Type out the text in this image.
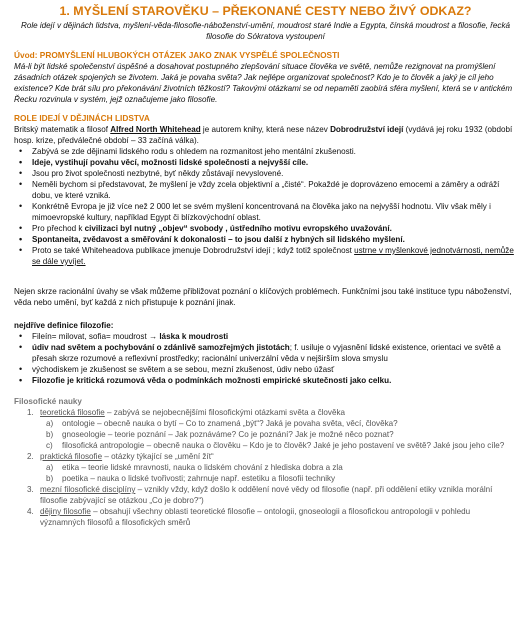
1. MYŠLENÍ STAROVĚKU – PŘEKONANÉ CESTY NEBO ŽIVÝ ODKAZ?

Role idejí v dějinách lidstva, myšlení-věda-filosofie-náboženství-umění, moudrost staré Indie a Egypta, čínská moudrost a filosofie, řecká filosofie do Sókratova vystoupení

Úvod: PROMYŠLENÍ HLUBOKÝCH OTÁZEK JAKO ZNAK VYSPĚLÉ SPOLEČNOSTI

Má-li být lidské společenství úspěšné a dosahovat postupného zlepšování situace člověka ve světě, nemůže rezignovat na promýšlení zásadních otázek spojených se životem. Jaká je povaha světa? Jak nejlépe organizovat společnost? Kdo je to člověk a jaký je cíl jeho existence? Kde brát sílu pro překonávání životních těžkostí? Takovými otázkami se od nepaměti zaobírá sféra myšlení, která se v antickém Řecku rozvinula v systém, jejž označujeme jako filosofie.

ROLE IDEJÍ V DĚJINÁCH LIDSTVA

Britský matematik a filosof Alfred North Whitehead je autorem knihy, která nese název Dobrodružství idejí (vydává jej roku 1932 (období hosp. krize, předválečné období – 33 začíná válka).

• Zabývá se zde dějinami lidského rodu s ohledem na rozmanitost jeho mentální zkušenosti.
• Ideje, vystihují povahu věcí, možnosti lidské společnosti a nejvyšší cíle.
• Jsou pro život společnosti nezbytné, byť někdy zůstávají nevyslovené.
• Neměli bychom si představovat, že myšlení je vždy zcela objektivní a „čisté“. Pokaždé je doprovázeno emocemi a záměry a odráží dobu, ve které vzniká.
• Konkrétně Evropa je již více než 2 000 let se svém myšlení koncentrovaná na člověka jako na nejvyšší hodnotu. Vliv však měly i mimoevropské kultury, například Egypt či blízkovýchodní oblast.
• Pro přechod k civilizaci byl nutný „objev“ svobody , ústředního motivu evropského uvažování.
• Spontaneita, zvědavost a směřování k dokonalosti – to jsou další z hybných sil lidského myšlení.
• Proto se také Whiteheadova publikace jmenuje Dobrodružství idejí ; když totiž společnost ustrne v myšlenkové jednotvárnosti, nemůže se dále vyvíjet.

Nejen skrze racionální úvahy se však můžeme přibližovat poznání o klíčových problémech. Funkčními jsou také instituce typu náboženství, věda nebo umění, byť každá z nich přistupuje k poznání jinak.

nejdříve definice filozofie:

• Fileín= milovat, sofia= moudrost → láska k moudrosti
• údiv nad světem a pochybování o zdánlivě samozřejmých jistotách; f. usiluje o vyjasnění lidské existence, orientaci ve světě a přesah skrze rozumové a reflexivní prostředky; racionální univerzální věda v nejširším slova smyslu
• východiskem je zkušenost se světem a se sebou, mezní zkušenost, údiv nebo úžasť
• Filozofie je kritická rozumová věda o podmínkách možnosti empirické skutečnosti jako celku.

Filosofické nauky

1. teoretická filosofie – zabývá se nejobecnějšími filosofickými otázkami světa a člověka
a) ontologie – obecně nauka o bytí – Co to znamená „být“? Jaká je povaha světa, věcí, člověka?
b) gnoseologie – teorie poznání – Jak poznáváme? Co je poznání? Jak je možné něco poznat?
c) filosofická antropologie – obecně nauka o člověku – Kdo je to člověk? Jaké je jeho postavení ve světě? Jaké jsou jeho cíle?
2. praktická filosofie – otázky týkající se „umění žít“
a) etika – teorie lidské mravnosti, nauka o lidském chování z hlediska dobra a zla
b) poetika – nauka o lidské tvořivosti; zahrnuje např. estetiku a filosofii techniky
3. mezní filosofické disciplíny – vznikly vždy, když došlo k oddělení nové vědy od filosofie (např. při oddělení etiky vznikla morální filosofie zabývající se otázkou „Co je dobro?“)
4. dějiny filosofie – obsahují všechny oblasti teoretické filosofie – ontologii, gnoseologii a filosofickou antropologii v pohledu významných filosofů a filosofických směrů
